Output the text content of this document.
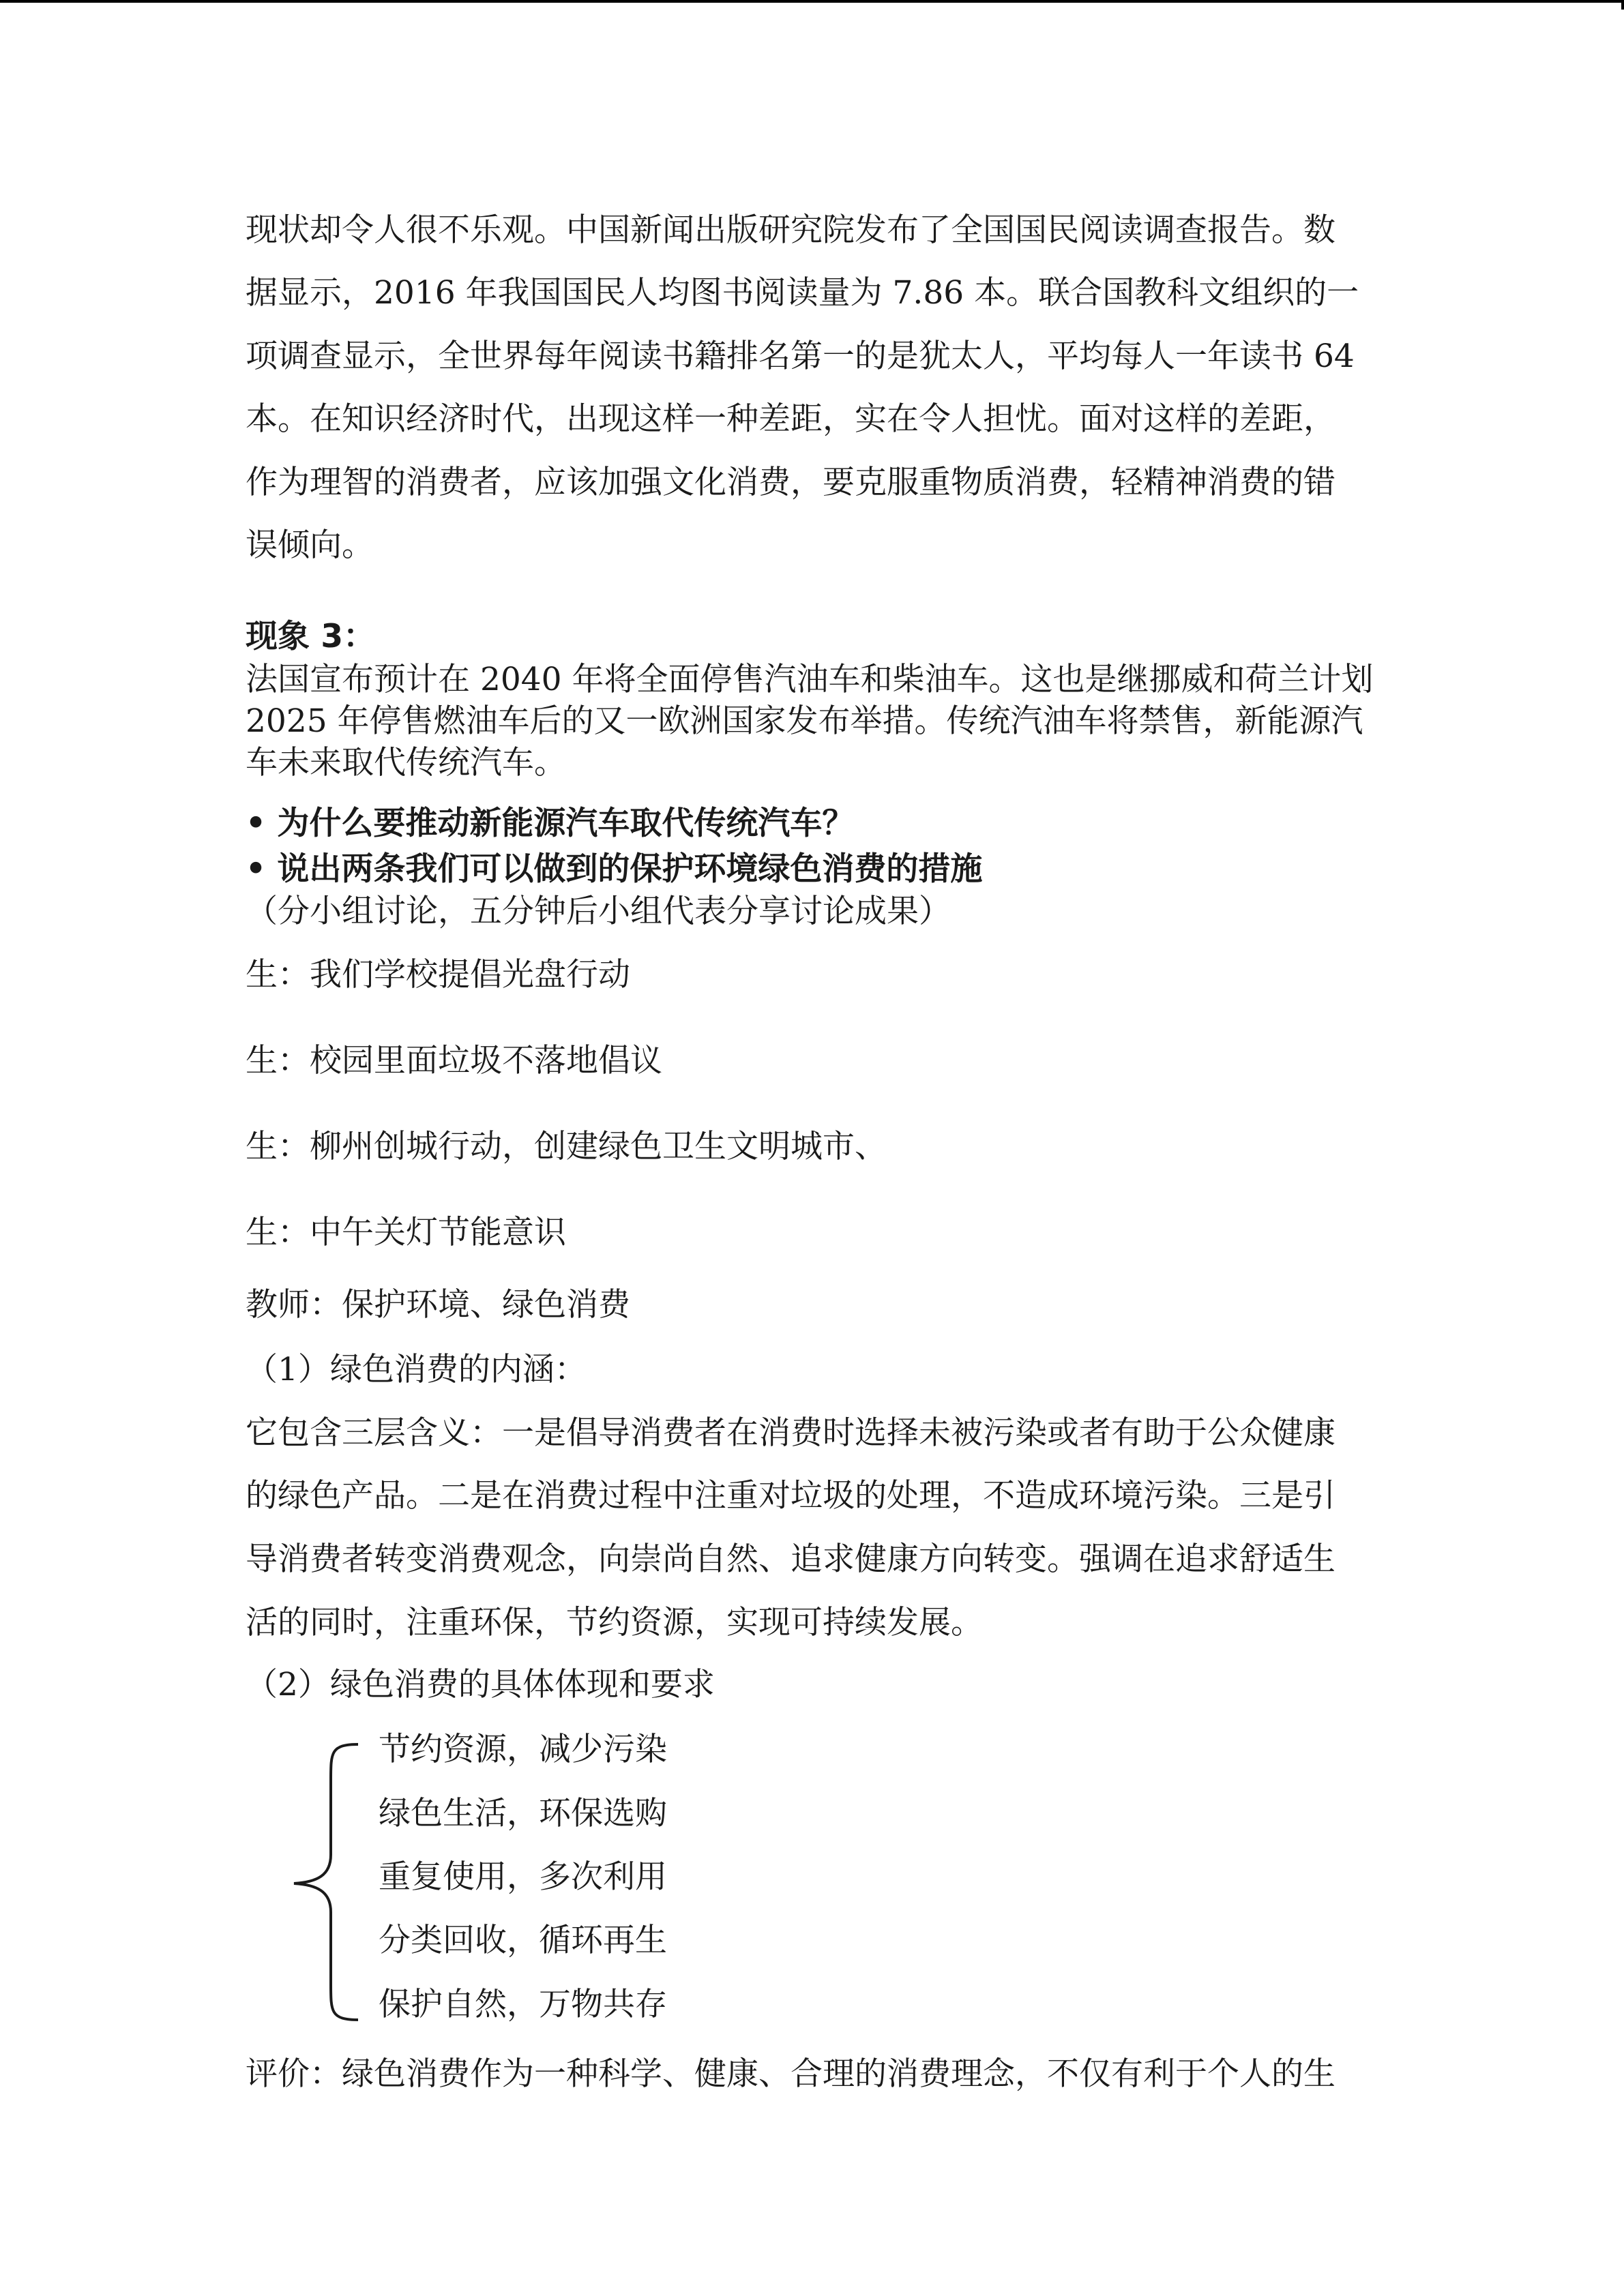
现状却令人很不乐观。中国新闻出版研究院发布了全国国民阅读调查报告。数
据显示，2016 年我国国民人均图书阅读量为 7.86 本。联合国教科文组织的一
项调查显示，全世界每年阅读书籍排名第一的是犹太人，平均每人一年读书 64
本。在知识经济时代，出现这样一种差距，实在令人担忧。面对这样的差距，
作为理智的消费者，应该加强文化消费，要克服重物质消费，轻精神消费的错
误倾向。
现象 3：
法国宣布预计在 2040 年将全面停售汽油车和柴油车。这也是继挪威和荷兰计划
2025 年停售燃油车后的又一欧洲国家发布举措。传统汽油车将禁售，新能源汽
车未来取代传统汽车。
• 为什么要推动新能源汽车取代传统汽车？
• 说出两条我们可以做到的保护环境绿色消费的措施
（分小组讨论，五分钟后小组代表分享讨论成果）
生：我们学校提倡光盘行动
生：校园里面垃圾不落地倡议
生：柳州创城行动，创建绿色卫生文明城市、
生：中午关灯节能意识
教师：保护环境、绿色消费
（1）绿色消费的内涵：
它包含三层含义：一是倡导消费者在消费时选择未被污染或者有助于公众健康
的绿色产品。二是在消费过程中注重对垃圾的处理，不造成环境污染。三是引
导消费者转变消费观念，向崇尚自然、追求健康方向转变。强调在追求舒适生
活的同时，注重环保，节约资源，实现可持续发展。
（2）绿色消费的具体体现和要求
评价：绿色消费作为一种科学、健康、合理的消费理念，不仅有利于个人的生
节约资源，减少污染
绿色生活，环保选购
重复使用，多次利用
分类回收，循环再生
保护自然，万物共存
